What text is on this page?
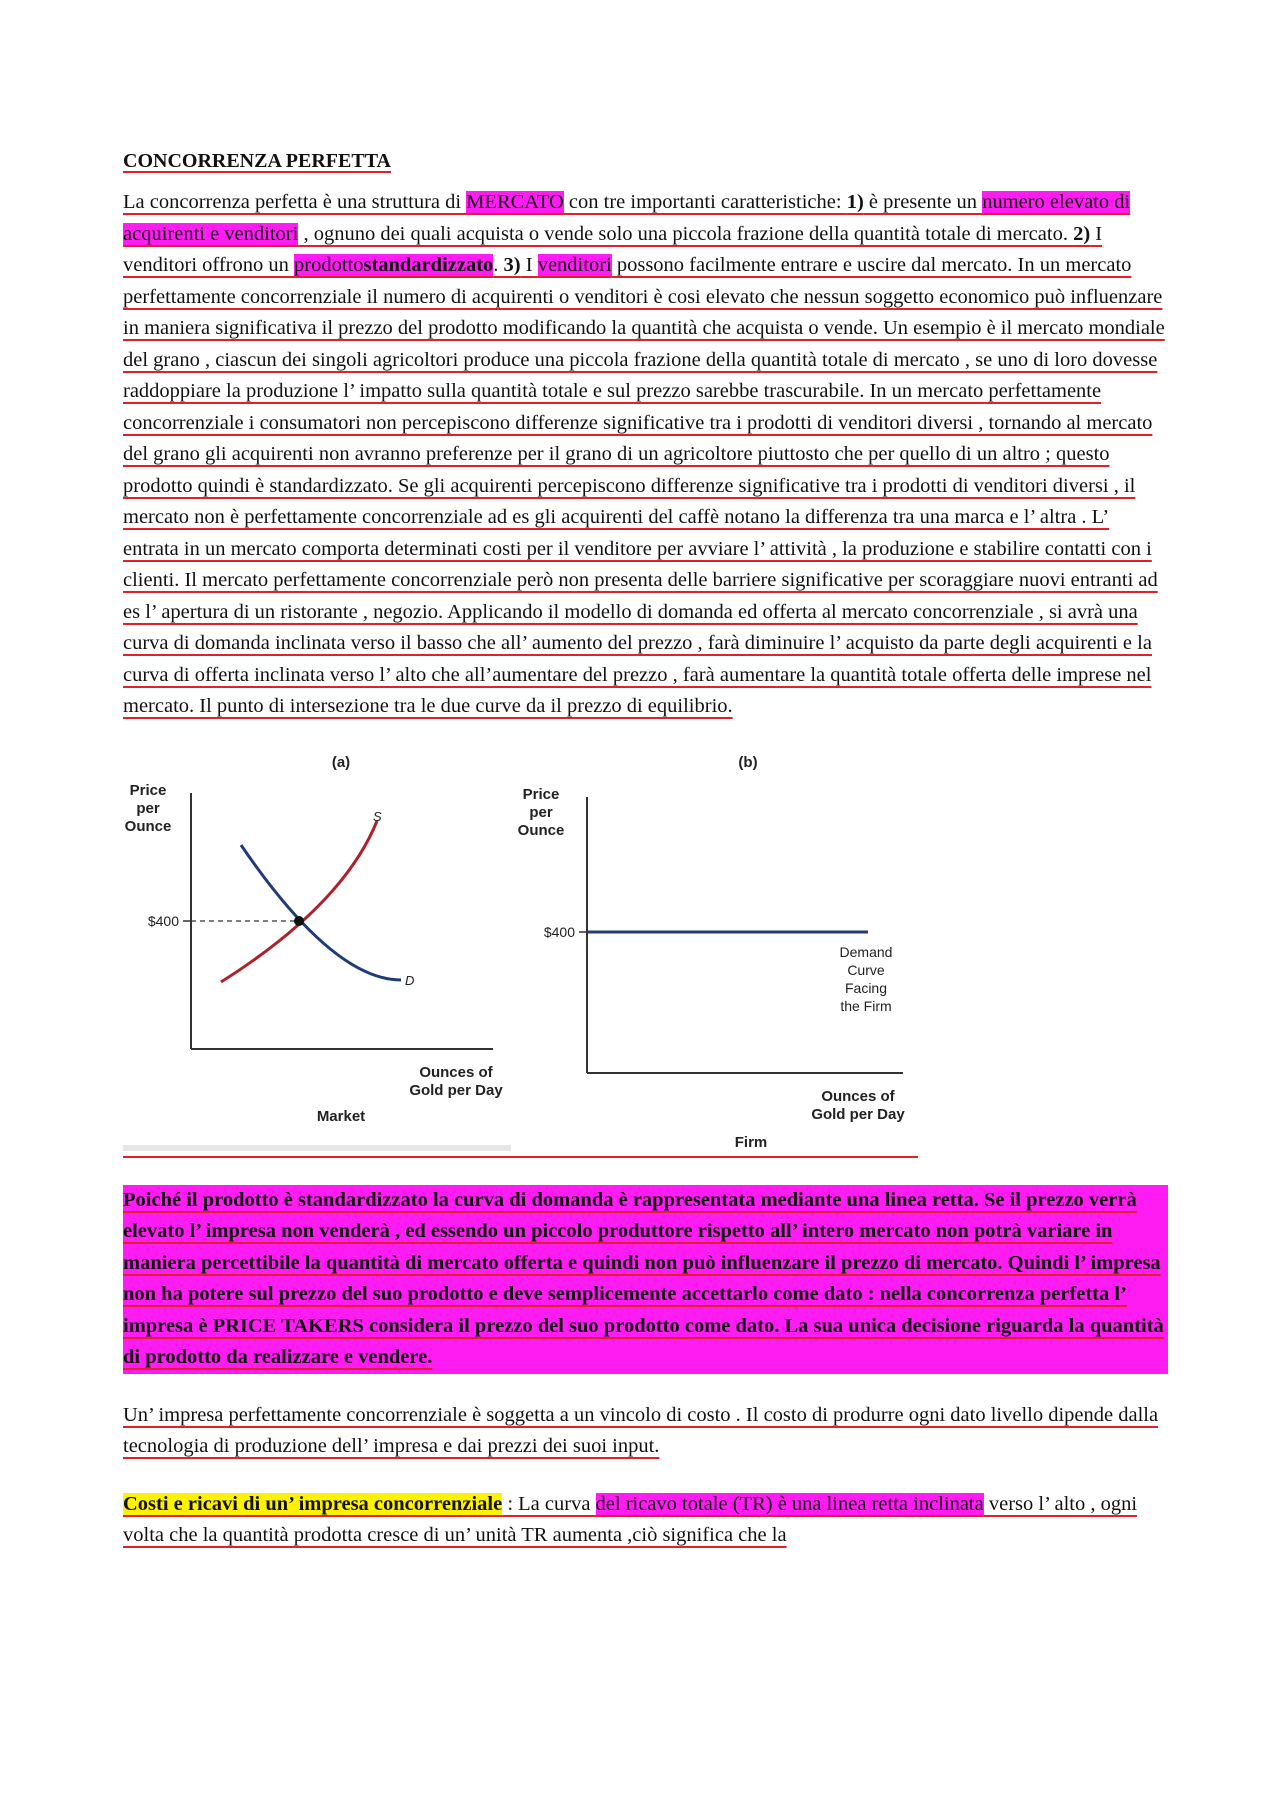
CONCORRENZA PERFETTA

La concorrenza perfetta è una struttura di MERCATO con tre importanti caratteristiche: 1) è presente un numero elevato di acquirenti e venditori , ognuno dei quali acquista o vende solo una piccola frazione della quantità totale di mercato. 2) I venditori offrono un prodottostandardizzato. 3) I venditori possono facilmente entrare e uscire dal mercato. In un mercato perfettamente concorrenziale il numero di acquirenti o venditori è cosi elevato che nessun soggetto economico può influenzare in maniera significativa il prezzo del prodotto modificando la quantità che acquista o vende. Un esempio è il mercato mondiale del grano , ciascun dei singoli agricoltori produce una piccola frazione della quantità totale di mercato , se uno di loro dovesse raddoppiare la produzione l’ impatto sulla quantità totale e sul prezzo sarebbe trascurabile. In un mercato perfettamente concorrenziale i consumatori non percepiscono differenze significative tra i prodotti di venditori diversi , tornando al mercato del grano gli acquirenti non avranno preferenze per il grano di un agricoltore piuttosto che per quello di un altro ; questo prodotto quindi è standardizzato. Se gli acquirenti percepiscono differenze significative tra i prodotti di venditori diversi , il mercato non è perfettamente concorrenziale ad es gli acquirenti del caffè notano la differenza tra una marca e l’ altra . L’ entrata in un mercato comporta determinati costi per il venditore per avviare l’ attività , la produzione e stabilire contatti con i clienti. Il mercato perfettamente concorrenziale però non presenta delle barriere significative per scoraggiare nuovi entranti ad es l’ apertura di un ristorante , negozio. Applicando il modello di domanda ed offerta al mercato concorrenziale , si avrà una curva di domanda inclinata verso il basso che all’ aumento del prezzo , farà diminuire l’ acquisto da parte degli acquirenti e la curva di offerta inclinata verso l’ alto che all’aumentare del prezzo , farà aumentare la quantità totale offerta delle imprese nel mercato. Il punto di intersezione tra le due curve da il prezzo di equilibrio.

(a)
Price
per
Ounce
$400
S
D
Ounces of
Gold per Day
Market
(b)
Price
per
Ounce
$400
Demand
Curve
Facing
the Firm
Ounces of
Gold per Day
Firm

Poiché il prodotto è standardizzato la curva di domanda è rappresentata mediante una linea retta. Se il prezzo verrà elevato l’ impresa non venderà , ed essendo un piccolo produttore rispetto all’ intero mercato non potrà variare in maniera percettibile la quantità di mercato offerta e quindi non può influenzare il prezzo di mercato. Quindi l’ impresa non ha potere sul prezzo del suo prodotto e deve semplicemente accettarlo come dato : nella concorrenza perfetta l’ impresa è PRICE TAKERS considera il prezzo del suo prodotto come dato. La sua unica decisione riguarda la quantità di prodotto da realizzare e vendere.

Un’ impresa perfettamente concorrenziale è soggetta a un vincolo di costo . Il costo di produrre ogni dato livello dipende dalla tecnologia di produzione dell’ impresa e dai prezzi dei suoi input.

Costi e ricavi di un’ impresa concorrenziale : La curva del ricavo totale (TR) è una linea retta inclinata verso l’ alto , ogni volta che la quantità prodotta cresce di un’ unità TR aumenta ,ciò significa che la
